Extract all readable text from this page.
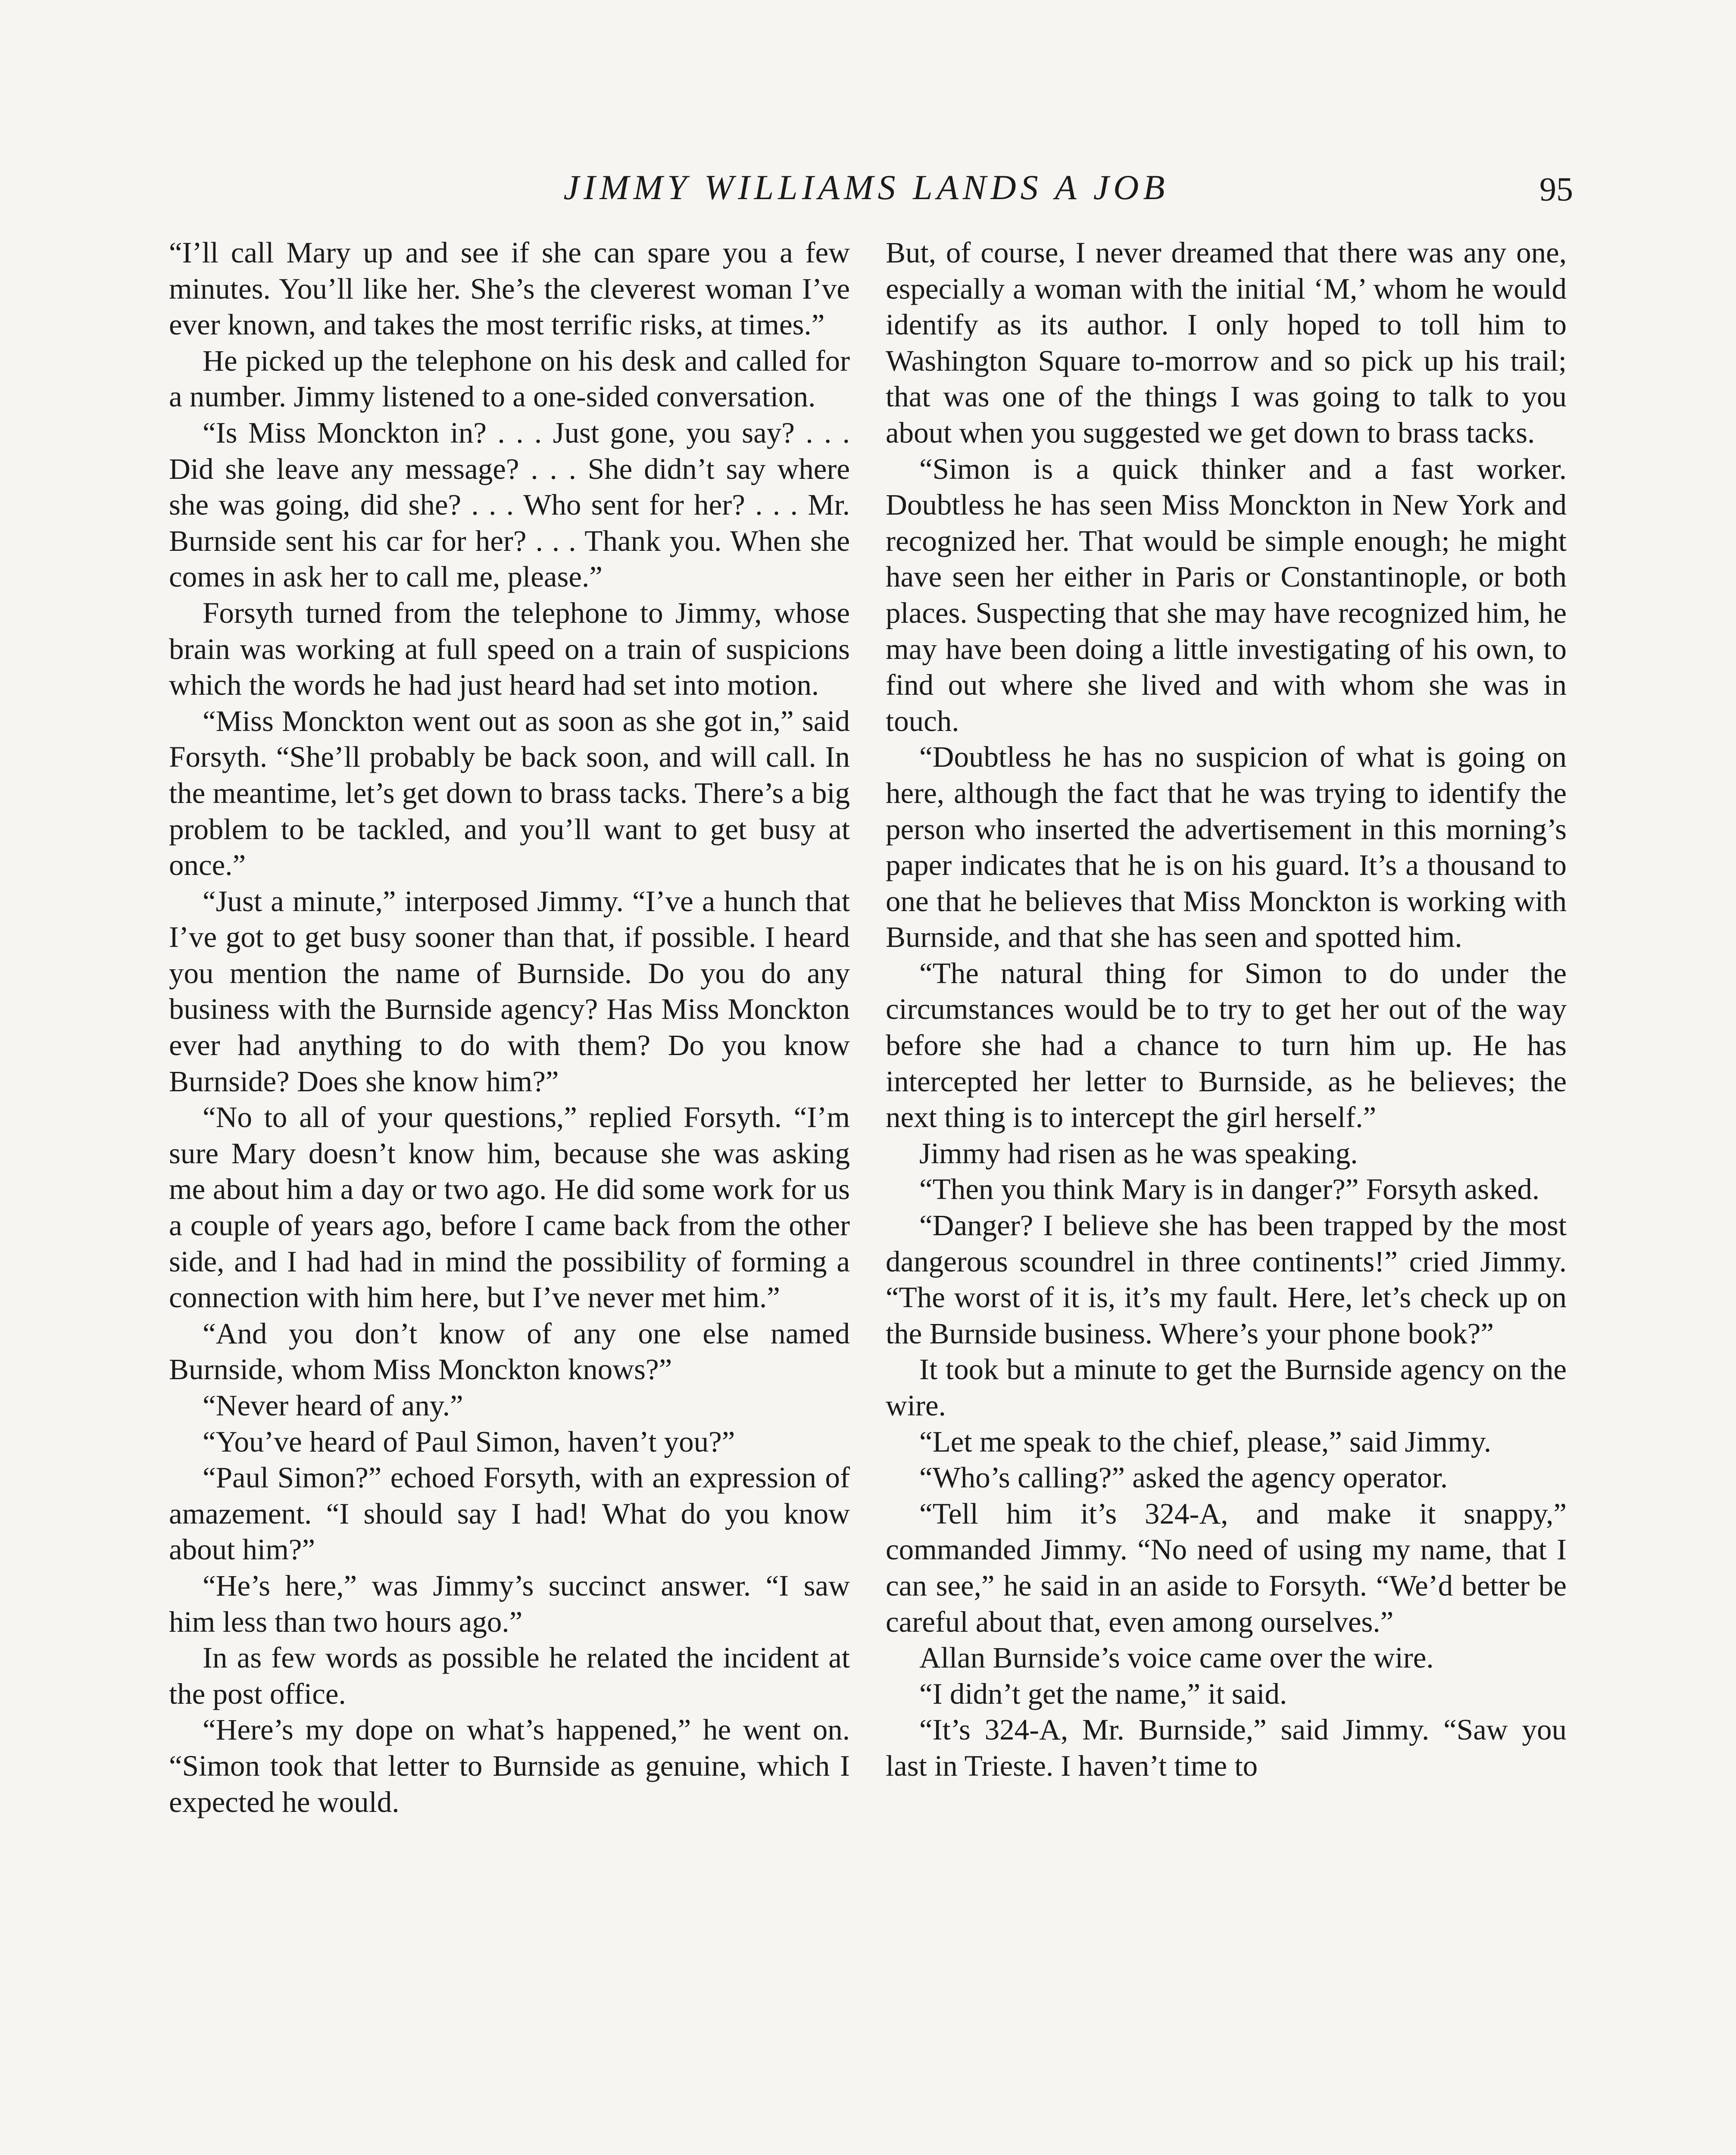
JIMMY WILLIAMS LANDS A JOB	95

“I’ll call Mary up and see if she can spare you a few minutes. You’ll like her. She’s the cleverest woman I’ve ever known, and takes the most terrific risks, at times.”

He picked up the telephone on his desk and called for a number. Jimmy listened to a one-sided conversation.

“Is Miss Monckton in? . . . Just gone, you say? . . . Did she leave any message? . . . She didn’t say where she was going, did she? . . . Who sent for her? . . . Mr. Burnside sent his car for her? . . . Thank you. When she comes in ask her to call me, please.”

Forsyth turned from the telephone to Jimmy, whose brain was working at full speed on a train of suspicions which the words he had just heard had set into motion.

“Miss Monckton went out as soon as she got in,” said Forsyth. “She’ll probably be back soon, and will call. In the meantime, let’s get down to brass tacks. There’s a big problem to be tackled, and you’ll want to get busy at once.”

“Just a minute,” interposed Jimmy. “I’ve a hunch that I’ve got to get busy sooner than that, if possible. I heard you mention the name of Burnside. Do you do any business with the Burnside agency? Has Miss Monckton ever had anything to do with them? Do you know Burnside? Does she know him?”

“No to all of your questions,” replied Forsyth. “I’m sure Mary doesn’t know him, because she was asking me about him a day or two ago. He did some work for us a couple of years ago, before I came back from the other side, and I had had in mind the possibility of forming a connection with him here, but I’ve never met him.”

“And you don’t know of any one else named Burnside, whom Miss Monckton knows?”

“Never heard of any.”

“You’ve heard of Paul Simon, haven’t you?”

“Paul Simon?” echoed Forsyth, with an expression of amazement. “I should say I had! What do you know about him?”

“He’s here,” was Jimmy’s succinct answer. “I saw him less than two hours ago.”

In as few words as possible he related the incident at the post office.

“Here’s my dope on what’s happened,” he went on. “Simon took that letter to Burnside as genuine, which I expected he would.

But, of course, I never dreamed that there was any one, especially a woman with the initial ‘M,’ whom he would identify as its author. I only hoped to toll him to Washington Square to-morrow and so pick up his trail; that was one of the things I was going to talk to you about when you suggested we get down to brass tacks.

“Simon is a quick thinker and a fast worker. Doubtless he has seen Miss Monckton in New York and recognized her. That would be simple enough; he might have seen her either in Paris or Constantinople, or both places. Suspecting that she may have recognized him, he may have been doing a little investigating of his own, to find out where she lived and with whom she was in touch.

“Doubtless he has no suspicion of what is going on here, although the fact that he was trying to identify the person who inserted the advertisement in this morning’s paper indicates that he is on his guard. It’s a thousand to one that he believes that Miss Monckton is working with Burnside, and that she has seen and spotted him.

“The natural thing for Simon to do under the circumstances would be to try to get her out of the way before she had a chance to turn him up. He has intercepted her letter to Burnside, as he believes; the next thing is to intercept the girl herself.”

Jimmy had risen as he was speaking.

“Then you think Mary is in danger?” Forsyth asked.

“Danger? I believe she has been trapped by the most dangerous scoundrel in three continents!” cried Jimmy. “The worst of it is, it’s my fault. Here, let’s check up on the Burnside business. Where’s your phone book?”

It took but a minute to get the Burnside agency on the wire.

“Let me speak to the chief, please,” said Jimmy.

“Who’s calling?” asked the agency operator.

“Tell him it’s 324-A, and make it snappy,” commanded Jimmy. “No need of using my name, that I can see,” he said in an aside to Forsyth. “We’d better be careful about that, even among ourselves.”

Allan Burnside’s voice came over the wire.

“I didn’t get the name,” it said.

“It’s 324-A, Mr. Burnside,” said Jimmy. “Saw you last in Trieste. I haven’t time to
